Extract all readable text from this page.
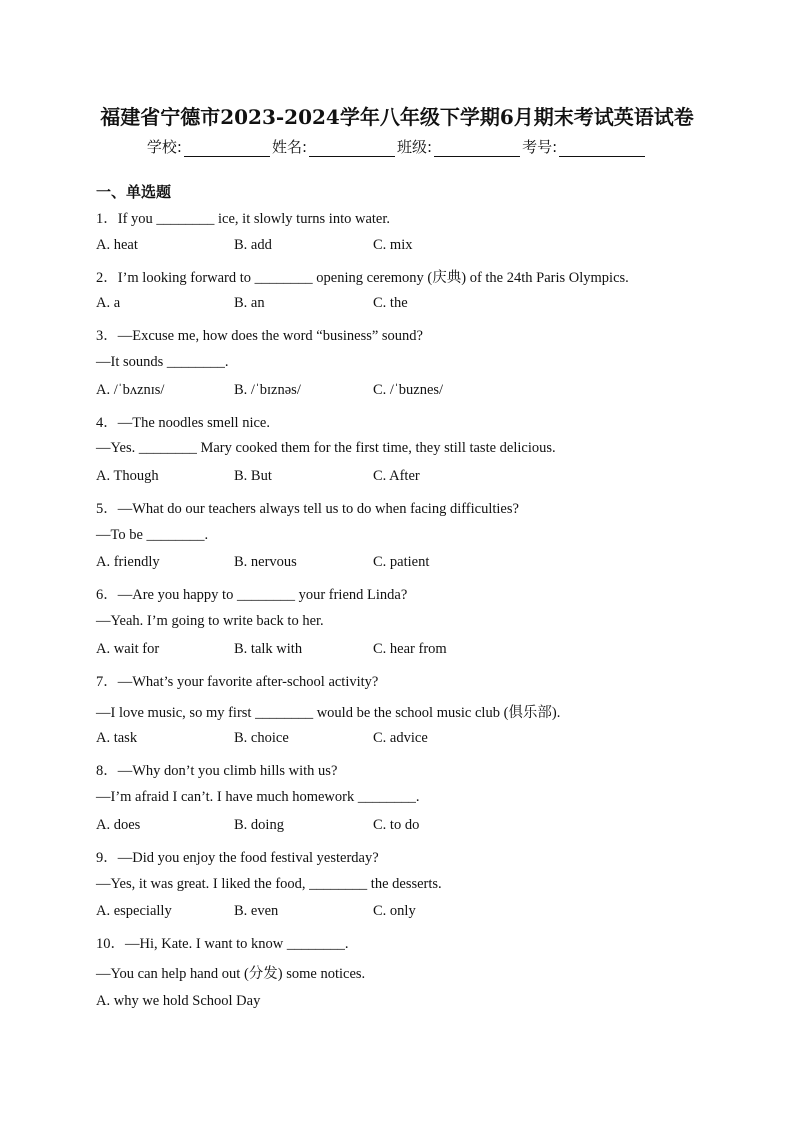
福建省宁德市2023-2024学年八年级下学期6月期末考试英语试卷
学校:	姓名:	班级:	考号:
一、单选题
1．If you ________ ice, it slowly turns into water.
A. heat	B. add	C. mix
2．I’m looking forward to ________ opening ceremony (庆典) of the 24th Paris Olympics.
A. a	B. an	C. the
3．—Excuse me, how does the word “business” sound?
—It sounds ________.
A. /ˈbʌznɪs/	B. /ˈbɪznəs/	C. /ˈbuznes/
4．—The noodles smell nice.
—Yes. ________ Mary cooked them for the first time, they still taste delicious.
A. Though	B. But	C. After
5．—What do our teachers always tell us to do when facing difficulties?
—To be ________.
A. friendly	B. nervous	C. patient
6．—Are you happy to ________ your friend Linda?
—Yeah. I’m going to write back to her.
A. wait for	B. talk with	C. hear from
7．—What’s your favorite after-school activity?
—I love music, so my first ________ would be the school music club (俱乐部).
A. task	B. choice	C. advice
8．—Why don’t you climb hills with us?
—I’m afraid I can’t. I have much homework ________.
A. does	B. doing	C. to do
9．—Did you enjoy the food festival yesterday?
—Yes, it was great. I liked the food, ________ the desserts.
A. especially	B. even	C. only
10．—Hi, Kate. I want to know ________.
—You can help hand out (分发) some notices.
A. why we hold School Day
